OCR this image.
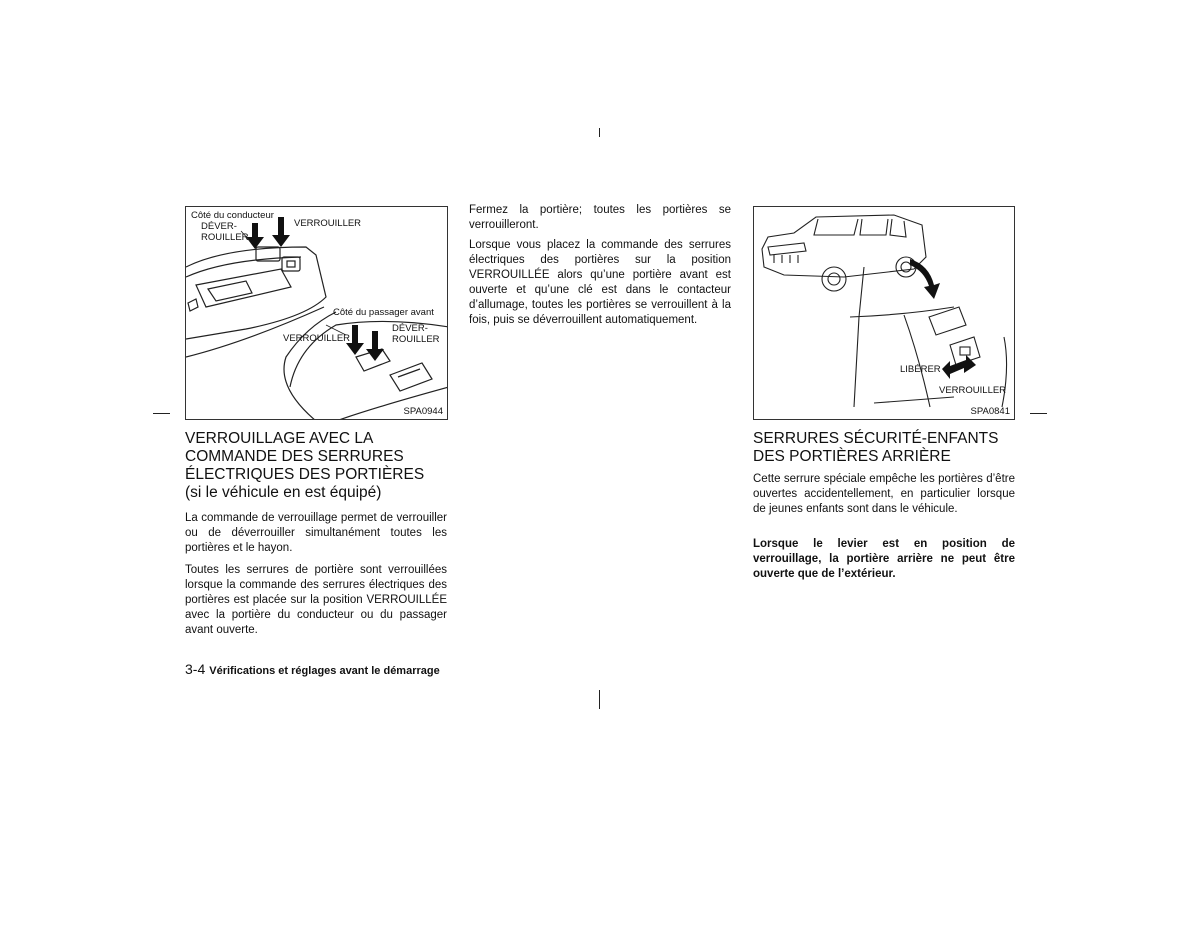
Côté du conducteur
DÉVER-
ROUILLER
VERROUILLER
Côté du passager avant
VERROUILLER
DÉVER-
ROUILLER
SPA0944
LIBÉRER
VERROUILLER
SPA0841
VERROUILLAGE AVEC LA
COMMANDE DES SERRURES
ÉLECTRIQUES DES PORTIÈRES
(si le véhicule en est équipé)

La commande de verrouillage permet de verrouiller ou de déverrouiller simultanément toutes les portières et le hayon.

Toutes les serrures de portière sont verrouillées lorsque la commande des serrures électriques des portières est placée sur la position VERROUILLÉE avec la portière du conducteur ou du passager avant ouverte.

Fermez la portière; toutes les portières se verrouilleront.

Lorsque vous placez la commande des serrures électriques des portières sur la position VERROUILLÉE alors qu’une portière avant est ouverte et qu’une clé est dans le contacteur d’allumage, toutes les portières se verrouillent à la fois, puis se déverrouillent automatiquement.

SERRURES SÉCURITÉ-ENFANTS
DES PORTIÈRES ARRIÈRE

Cette serrure spéciale empêche les portières d’être ouvertes accidentellement, en particulier lorsque de jeunes enfants sont dans le véhicule.

Lorsque le levier est en position de verrouillage, la portière arrière ne peut être ouverte que de l’extérieur.

3-4 Vérifications et réglages avant le démarrage
